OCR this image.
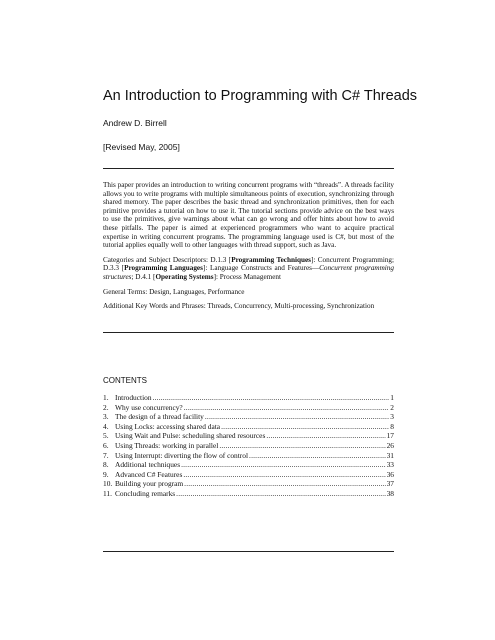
An Introduction to Programming with C# Threads
Andrew D. Birrell
[Revised May, 2005]

This paper provides an introduction to writing concurrent programs with “threads”. A threads facility allows you to write programs with multiple simultaneous points of execution, synchronizing through shared memory. The paper describes the basic thread and synchronization primitives, then for each primitive provides a tutorial on how to use it. The tutorial sections provide advice on the best ways to use the primitives, give warnings about what can go wrong and offer hints about how to avoid these pitfalls. The paper is aimed at experienced programmers who want to acquire practical expertise in writing concurrent programs. The programming language used is C#, but most of the tutorial applies equally well to other languages with thread support, such as Java.

Categories and Subject Descriptors: D.1.3 [Programming Techniques]: Concurrent Programming; D.3.3 [Programming Languages]: Language Constructs and Features—Concurrent programming structures; D.4.1 [Operating Systems]: Process Management

General Terms: Design, Languages, Performance

Additional Key Words and Phrases: Threads, Concurrency, Multi-processing, Synchronization

CONTENTS
1. Introduction .....	1
2. Why use concurrency? .....	2
3. The design of a thread facility .....	3
4. Using Locks: accessing shared data .....	8
5. Using Wait and Pulse: scheduling shared resources .....	17
6. Using Threads: working in parallel .....	26
7. Using Interrupt: diverting the flow of control .....	31
8. Additional techniques .....	33
9. Advanced C# Features .....	36
10. Building your program .....	37
11. Concluding remarks .....	38
